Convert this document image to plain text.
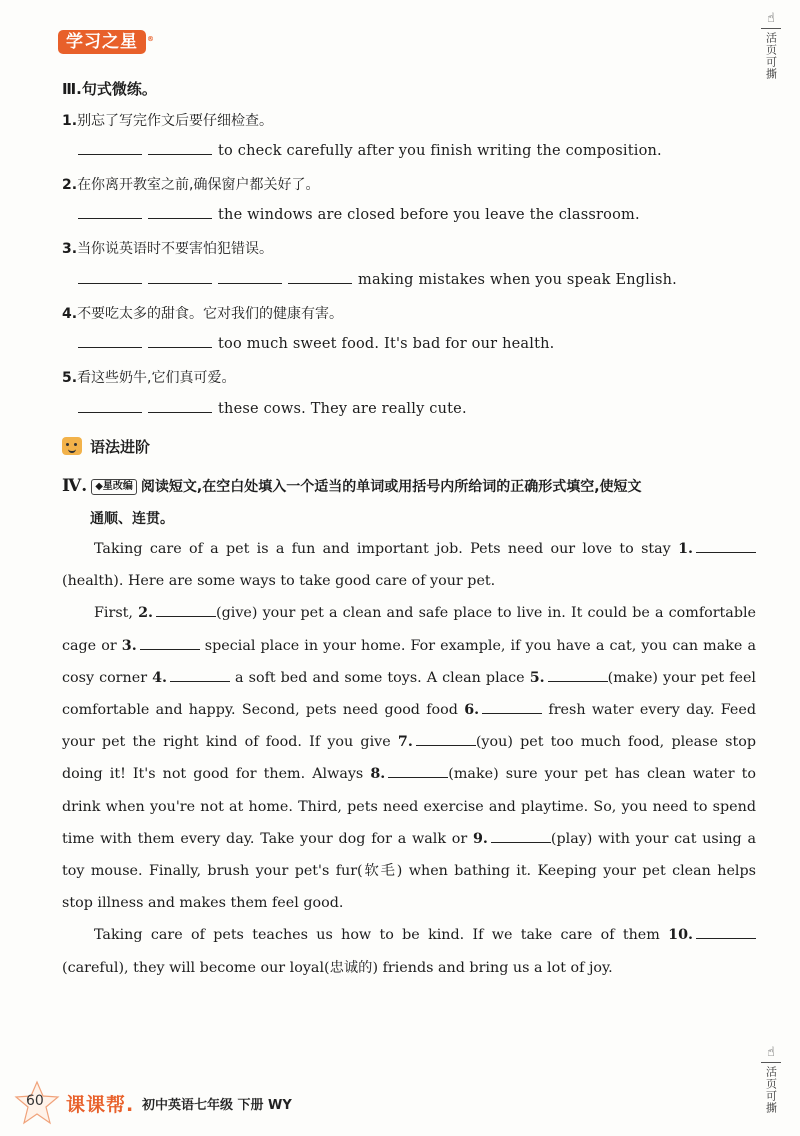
学习之星 ®
☝
活页可撕
☝
活页可撕
Ⅲ.句式微练。
1.别忘了写完作文后要仔细检查。
to check carefully after you finish writing the composition.
2.在你离开教室之前,确保窗户都关好了。
the windows are closed before you leave the classroom.
3.当你说英语时不要害怕犯错误。
making mistakes when you speak English.
4.不要吃太多的甜食。它对我们的健康有害。
too much sweet food. It's bad for our health.
5.看这些奶牛,它们真可爱。
these cows. They are really cute.
语法进阶
Ⅳ. ◆星改编 阅读短文,在空白处填入一个适当的单词或用括号内所给词的正确形式填空,使短文
通顺、连贯。

Taking care of a pet is a fun and important job. Pets need our love to stay 1.(health). Here are some ways to take good care of your pet.

First, 2.	(give) your pet a clean and safe place to live in. It could be a comfortable cage or 3.	special place in your home. For example, if you have a cat, you can make a cosy corner 4.	a soft bed and some toys. A clean place 5.	(make) your pet feel comfortable and happy. Second, pets need good food 6.	fresh water every day. Feed your pet the right kind of food. If you give 7.	(you) pet too much food, please stop doing it! It's not good for them. Always 8.	(make) sure your pet has clean water to drink when you're not at home. Third, pets need exercise and playtime. So, you need to spend time with them every day. Take your dog for a walk or 9.	(play) with your cat using a toy mouse. Finally, brush your pet's fur(软毛) when bathing it. Keeping your pet clean helps stop illness and makes them feel good.

Taking care of pets teaches us how to be kind. If we take care of them 10.(careful), they will become our loyal(忠诚的) friends and bring us a lot of joy.

60 课课帮. 初中英语七年级 下册 WY
